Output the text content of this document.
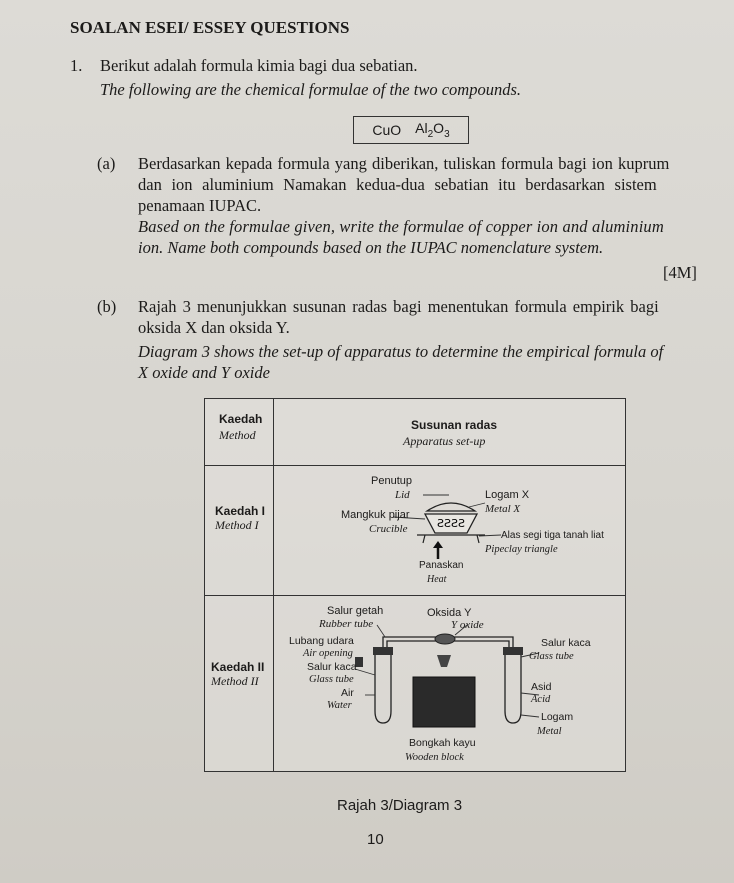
SOALAN ESEI/ ESSEY QUESTIONS
1. Berikut adalah formula kimia bagi dua sebatian.
The following are the chemical formulae of the two compounds.
CuO $Al_2O_3$
(a) Berdasarkan kepada formula yang diberikan, tuliskan formula bagi ion kuprum
dan ion aluminium Namakan kedua-dua sebatian itu berdasarkan sistem
penamaan IUPAC.
Based on the formulae given, write the formulae of copper ion and aluminium
ion. Name both compounds based on the IUPAC nomenclature system.
[4M]
(b) Rajah 3 menunjukkan susunan radas bagi menentukan formula empirik bagi
oksida X dan oksida Y.
Diagram 3 shows the set-up of apparatus to determine the empirical formula of
X oxide and Y oxide
Kaedah
Method
Susunan radas
Apparatus set-up
Kaedah I
Method I	ƧƧƧƧ
Penutup
Lid	Logam X
Metal X
Mangkuk pijar
Crucible
Alas segi tiga tanah liat
Pipeclay triangle
Panaskan
Heat
Kaedah II
Method II
Salur getah
Rubber tube
Oksida Y
Y oxide
Lubang udara
Air opening
Salur kaca
Glass tube
Air
Water
Salur kaca
Glass tube
Asid
Acid
Logam
Metal
Bongkah kayu
Wooden block
Rajah 3/Diagram 3
10
